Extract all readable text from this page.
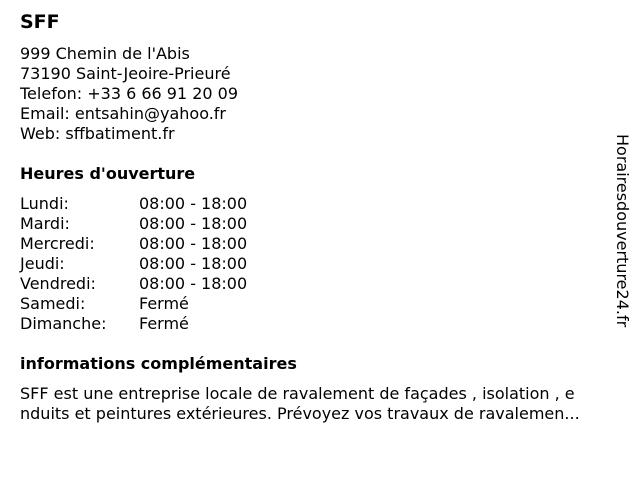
SFF
999 Chemin de l'Abis
73190 Saint-Jeoire-Prieuré
Telefon: +33 6 66 91 20 09
Email: entsahin@yahoo.fr
Web: sffbatiment.fr
Heures d'ouverture
Lundi:	08:00 - 18:00
Mardi:	08:00 - 18:00
Mercredi:	08:00 - 18:00
Jeudi:	08:00 - 18:00
Vendredi:	08:00 - 18:00
Samedi:	Fermé
Dimanche:	Fermé
informations complémentaires
SFF est une entreprise locale de ravalement de façades , isolation , e
nduits et peintures extérieures. Prévoyez vos travaux de ravalemen...
Horairesdouverture24.fr
